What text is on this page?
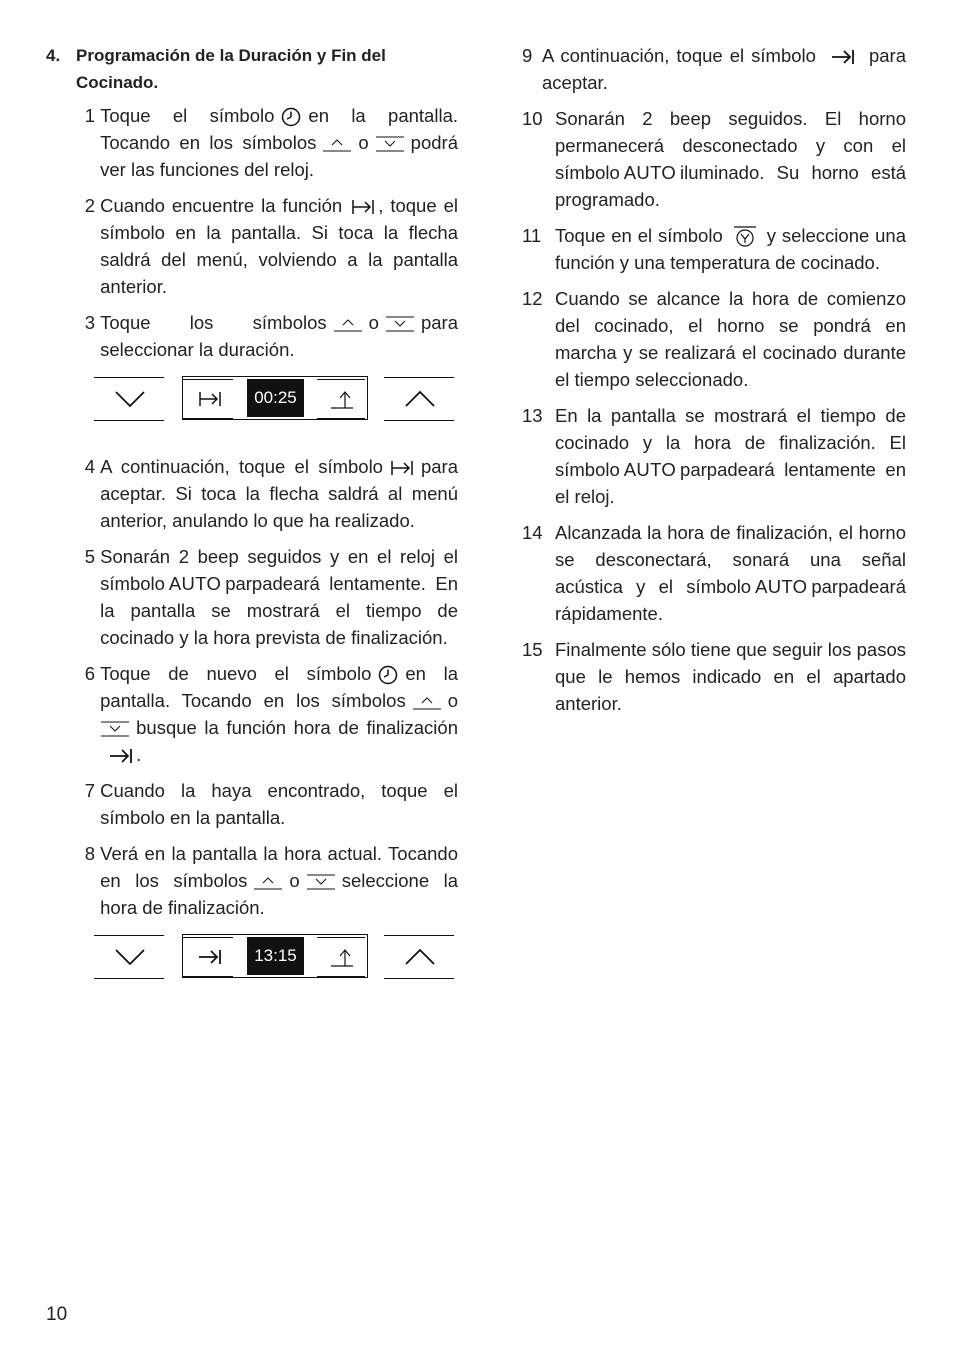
4. Programación de la Duración y Fin del Cocinado.
1
Toque el símbolo en la pantalla. Tocando en los símbolos o podrá ver las funciones del reloj.
2
Cuando encuentre la función , toque el símbolo en la pantalla. Si toca la flecha saldrá del menú, volviendo a la pantalla anterior.
3
Toque los símbolos o para seleccionar la duración.
00:25
4
A continuación, toque el símbolo para aceptar. Si toca la flecha saldrá al menú anterior, anulando lo que ha realizado.
5
Sonarán 2 beep seguidos y en el reloj el símbolo AUTO parpadeará lentamente. En la pantalla se mostrará el tiempo de cocinado y la hora prevista de finalización.
6
Toque de nuevo el símbolo en la pantalla. Tocando en los símbolos o
busque la función hora de finalización
.
7
Cuando la haya encontrado, toque el símbolo en la pantalla.
8
Verá en la pantalla la hora actual. Tocando en los símbolos o seleccione la hora de finalización.
13:15
9 A continuación, toque el símbolo	para aceptar.
10 Sonarán 2 beep seguidos. El horno permanecerá desconectado y con el símbolo AUTO iluminado. Su horno está programado.
11 Toque en el símbolo y seleccione una función y una temperatura de cocinado.
12 Cuando se alcance la hora de comienzo del cocinado, el horno se pondrá en marcha y se realizará el cocinado durante el tiempo seleccionado.
13 En la pantalla se mostrará el tiempo de cocinado y la hora de finalización. El símbolo AUTO parpadeará lentamente en el reloj.
14 Alcanzada la hora de finalización, el horno se desconectará, sonará una señal acústica y el símbolo AUTO parpadeará rápidamente.
15 Finalmente sólo tiene que seguir los pasos que le hemos indicado en el apartado anterior.
10
